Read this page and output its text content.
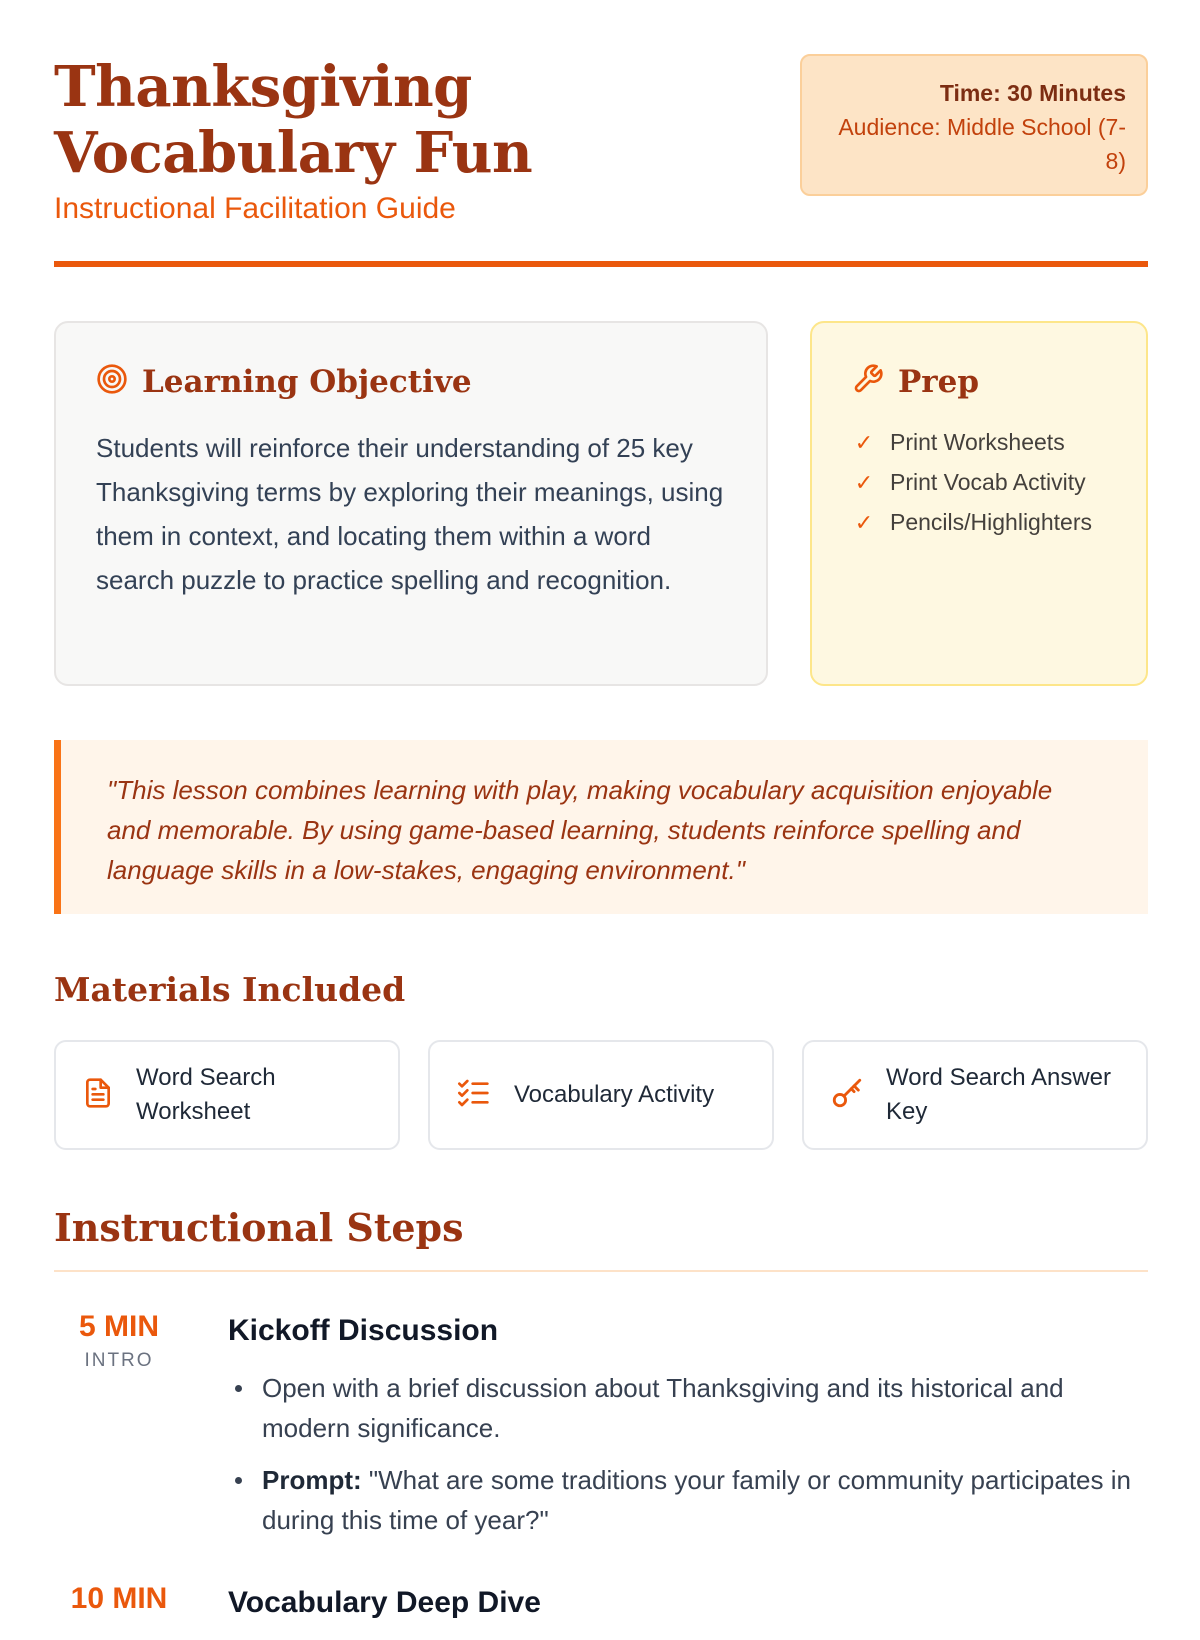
Thanksgiving Vocabulary Fun
Instructional Facilitation Guide
Time: 30 Minutes
Audience: Middle School (7-8)
Learning Objective

Students will reinforce their understanding of 25 key Thanksgiving terms by exploring their meanings, using them in context, and locating them within a word search puzzle to practice spelling and recognition.

Prep
✓ Print Worksheets
✓ Print Vocab Activity
✓ Pencils/Highlighters

"This lesson combines learning with play, making vocabulary acquisition enjoyable and memorable. By using game-based learning, students reinforce spelling and language skills in a low-stakes, engaging environment."

Materials Included
Word Search Worksheet
Vocabulary Activity
Word Search Answer Key
Instructional Steps
5 MIN
INTRO
Kickoff Discussion
Open with a brief discussion about Thanksgiving and its historical and modern significance.
Prompt: "What are some traditions your family or community participates in during this time of year?"
10 MIN	Vocabulary Deep Dive
